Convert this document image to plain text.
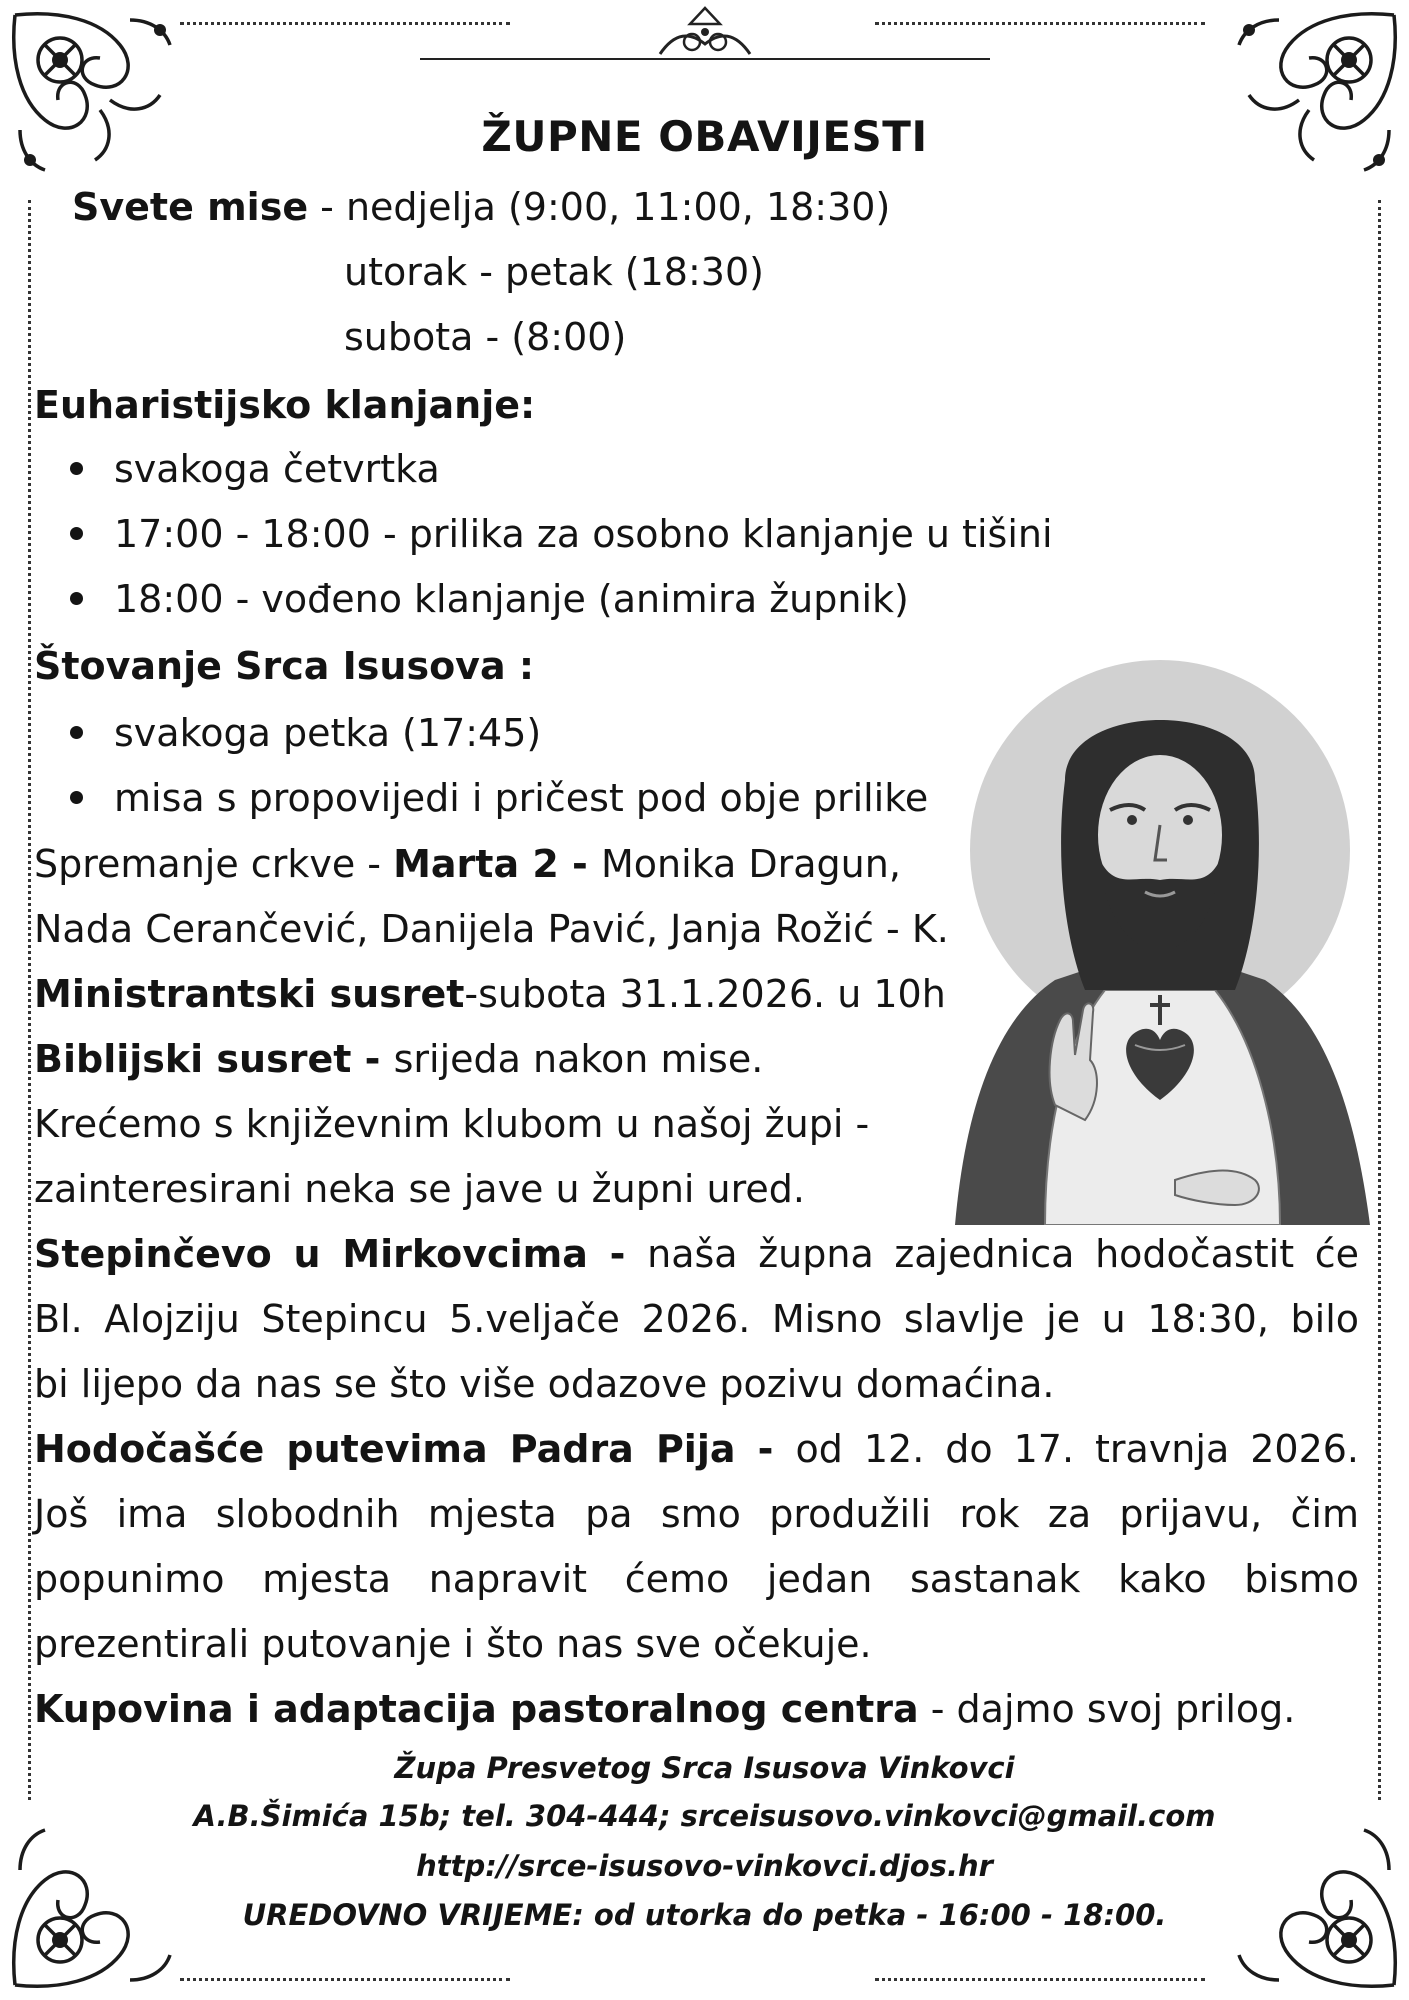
ŽUPNE OBAVIJESTI
Svete mise - nedjelja (9:00, 11:00, 18:30)
utorak - petak (18:30)
subota - (8:00)
Euharistijsko klanjanje:
svakoga četvrtka
17:00 - 18:00 - prilika za osobno klanjanje u tišini
18:00 - vođeno klanjanje (animira župnik)
Štovanje Srca Isusova :
svakoga petka (17:45)
misa s propovijedi i pričest pod obje prilike
Spremanje crkve - Marta 2 - Monika Dragun,
Nada Cerančević, Danijela Pavić, Janja Rožić - K.
Ministrantski susret-subota 31.1.2026. u 10h
Biblijski susret - srijeda nakon mise.
Krećemo s književnim klubom u našoj župi -
zainteresirani neka se jave u župni ured.
Stepinčevo u Mirkovcima - naša župna zajednica hodočastit će
Bl. Alojziju Stepincu 5.veljače 2026. Misno slavlje je u 18:30, bilo
bi lijepo da nas se što više odazove pozivu domaćina.
Hodočašće putevima Padra Pija - od 12. do 17. travnja 2026.
Još ima slobodnih mjesta pa smo produžili rok za prijavu, čim
popunimo mjesta napravit ćemo jedan sastanak kako bismo
prezentirali putovanje i što nas sve očekuje.
Kupovina i adaptacija pastoralnog centra - dajmo svoj prilog.
Župa Presvetog Srca Isusova Vinkovci
A.B.Šimića 15b; tel. 304-444; srceisusovo.vinkovci@gmail.com
http://srce-isusovo-vinkovci.djos.hr
UREDOVNO VRIJEME: od utorka do petka - 16:00 - 18:00.
